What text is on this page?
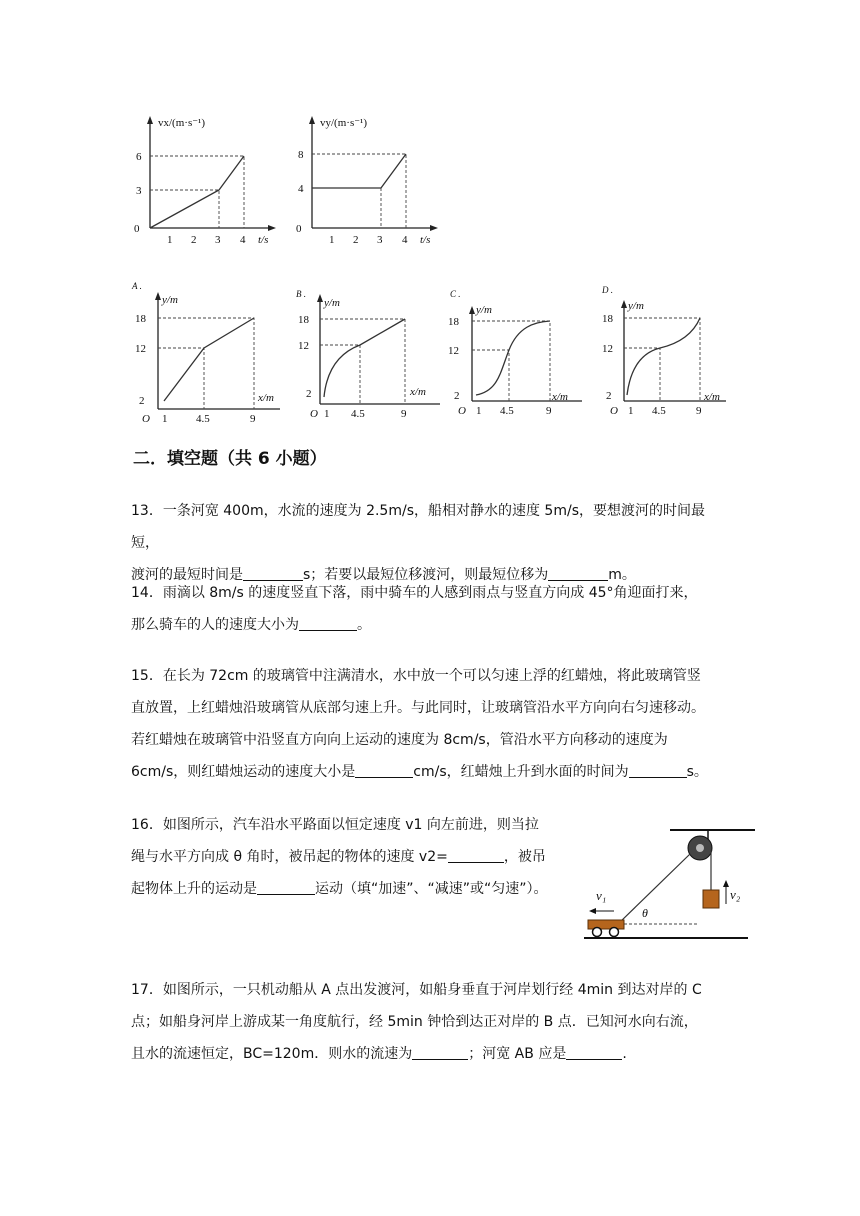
vx/(m·s⁻¹)
t/s
0
1 2 3 4
3
6
vy/(m·s⁻¹)
t/s
0
1 2 3 4
4
8
A .
y/m
x/m
O
18
12
2
1	4.5	9
B .
y/m
x/m
O
18
12
2
1 4.5	9
C .
y/m
x/m
O
18
12
2
1 4.5	9
D .
y/m
x/m
O
18
12
2
1 4.5	9
二．填空题（共 6 小题）
13．一条河宽 400m，水流的速度为 2.5m/s，船相对静水的速度 5m/s，要想渡河的时间最短，
渡河的最短时间是	s；若要以最短位移渡河，则最短位移为	m。
14．雨滴以 8m/s 的速度竖直下落，雨中骑车的人感到雨点与竖直方向成 45°角迎面打来，
那么骑车的人的速度大小为	。
15．在长为 72cm 的玻璃管中注满清水，水中放一个可以匀速上浮的红蜡烛，将此玻璃管竖
直放置，上红蜡烛沿玻璃管从底部匀速上升。与此同时，让玻璃管沿水平方向向右匀速移动。
若红蜡烛在玻璃管中沿竖直方向向上运动的速度为 8cm/s，管沿水平方向移动的速度为
6cm/s，则红蜡烛运动的速度大小是	cm/s，红蜡烛上升到水面的时间为	s。
16．如图所示，汽车沿水平路面以恒定速度 v1 向左前进，则当拉
绳与水平方向成 θ 角时，被吊起的物体的速度 v2=	，被吊
起物体上升的运动是	运动（填“加速”、“减速”或“匀速”）。	v₂
v₁
θ
17．如图所示，一只机动船从 A 点出发渡河，如船身垂直于河岸划行经 4min 到达对岸的 C
点；如船身河岸上游成某一角度航行，经 5min 钟恰到达正对岸的 B 点．已知河水向右流，
且水的流速恒定，BC=120m．则水的流速为	；河宽 AB 应是	.
